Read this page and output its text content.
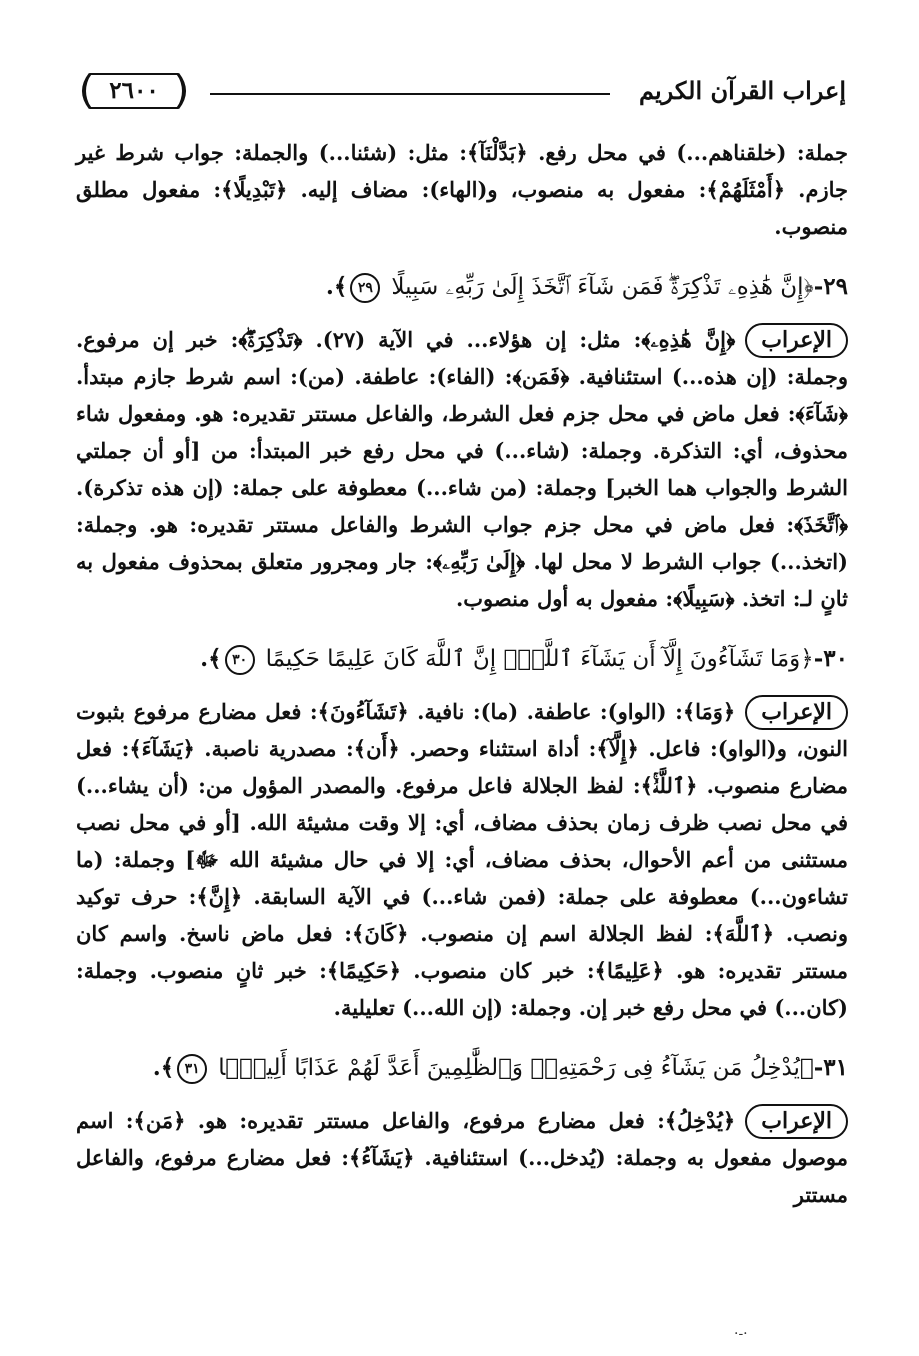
إعراب القرآن الكريم
٢٦٠٠

جملة: (خلقناهم...) في محل رفع. ﴿بَدَّلْنَآ﴾: مثل: (شئنا...) والجملة: جواب شرط غير جازم. ﴿أَمْثَلَهُمْ﴾: مفعول به منصوب، و(الهاء): مضاف إليه. ﴿تَبْدِيلًا﴾: مفعول مطلق منصوب.

٢٩-﴿إِنَّ هَٰذِهِۦ تَذْكِرَةٌۖ فَمَن شَآءَ ٱتَّخَذَ إِلَىٰ رَبِّهِۦ سَبِيلًا ٢٩﴾.

الإعراب﴿إِنَّ هَٰذِهِۦ﴾: مثل: إن هؤلاء... في الآية (٢٧). ﴿تَذْكِرَةٌۖ﴾: خبر إن مرفوع. وجملة: (إن هذه...) استئنافية. ﴿فَمَن﴾: (الفاء): عاطفة. (من): اسم شرط جازم مبتدأ. ﴿شَآءَ﴾: فعل ماض في محل جزم فعل الشرط، والفاعل مستتر تقديره: هو. ومفعول شاء محذوف، أي: التذكرة. وجملة: (شاء...) في محل رفع خبر المبتدأ: من [أو أن جملتي الشرط والجواب هما الخبر] وجملة: (من شاء...) معطوفة على جملة: (إن هذه تذكرة). ﴿ٱتَّخَذَ﴾: فعل ماض في محل جزم جواب الشرط والفاعل مستتر تقديره: هو. وجملة: (اتخذ...) جواب الشرط لا محل لها. ﴿إِلَىٰ رَبِّهِۦ﴾: جار ومجرور متعلق بمحذوف مفعول به ثانٍ لـ: اتخذ. ﴿سَبِيلًا﴾: مفعول به أول منصوب.

٣٠-﴿وَمَا تَشَآءُونَ إِلَّآ أَن يَشَآءَ ٱللَّهُۚ إِنَّ ٱللَّهَ كَانَ عَلِيمًا حَكِيمًا ٣٠﴾.

الإعراب﴿وَمَا﴾: (الواو): عاطفة. (ما): نافية. ﴿تَشَآءُونَ﴾: فعل مضارع مرفوع بثبوت النون، و(الواو): فاعل. ﴿إِلَّآ﴾: أداة استثناء وحصر. ﴿أَن﴾: مصدرية ناصبة. ﴿يَشَآءَ﴾: فعل مضارع منصوب. ﴿ٱللَّهُۚ﴾: لفظ الجلالة فاعل مرفوع. والمصدر المؤول من: (أن يشاء...) في محل نصب ظرف زمان بحذف مضاف، أي: إلا وقت مشيئة الله. [أو في محل نصب مستثنى من أعم الأحوال، بحذف مضاف، أي: إلا في حال مشيئة الله ﷻ] وجملة: (ما تشاءون...) معطوفة على جملة: (فمن شاء...) في الآية السابقة. ﴿إِنَّ﴾: حرف توكيد ونصب. ﴿ٱللَّهَ﴾: لفظ الجلالة اسم إن منصوب. ﴿كَانَ﴾: فعل ماض ناسخ. واسم كان مستتر تقديره: هو. ﴿عَلِيمًا﴾: خبر كان منصوب. ﴿حَكِيمًا﴾: خبر ثانٍ منصوب. وجملة: (كان...) في محل رفع خبر إن. وجملة: (إن الله...) تعليلية.

٣١-﴿يُدْخِلُ مَن يَشَآءُ فِى رَحْمَتِهِۦۚ وَٱلظَّٰلِمِينَ أَعَدَّ لَهُمْ عَذَابًا أَلِيمًۢا ٣١﴾.

الإعراب﴿يُدْخِلُ﴾: فعل مضارع مرفوع، والفاعل مستتر تقديره: هو. ﴿مَن﴾: اسم موصول مفعول به وجملة: (يُدخل...) استئنافية. ﴿يَشَآءُ﴾: فعل مضارع مرفوع، والفاعل مستتر

·-·
